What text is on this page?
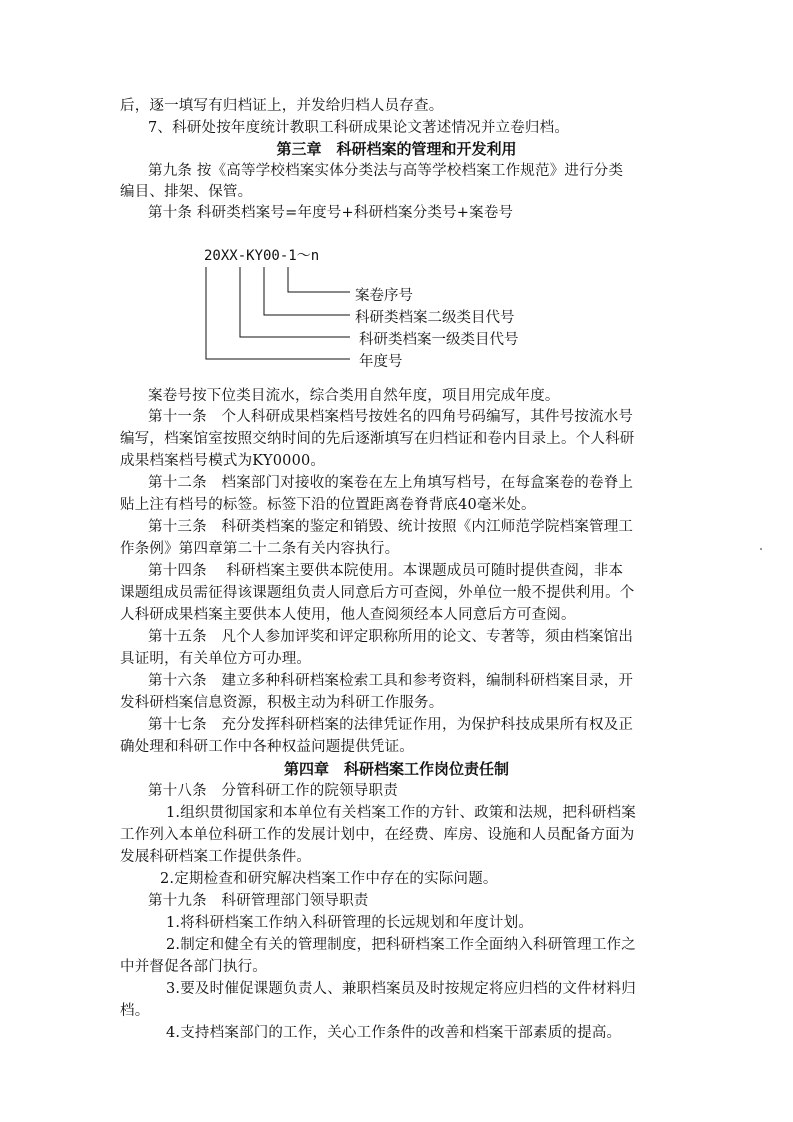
后，逐一填写有归档证上，并发给归档人员存查。

7、科研处按年度统计教职工科研成果论文著述情况并立卷归档。

第三章　科研档案的管理和开发利用

第九条 按《高等学校档案实体分类法与高等学校档案工作规范》进行分类

编目、排架、保管。

第十条 科研类档案号=年度号+科研档案分类号+案卷号

20XX-KY00-1～n
案卷序号
科研类档案二级类目代号
科研类档案一级类目代号
年度号

案卷号按下位类目流水，综合类用自然年度，项目用完成年度。

第十一条　个人科研成果档案档号按姓名的四角号码编写，其件号按流水号

编写，档案馆室按照交纳时间的先后逐渐填写在归档证和卷内目录上。个人科研

成果档案档号模式为KY0000。

第十二条　档案部门对接收的案卷在左上角填写档号，在每盒案卷的卷脊上

贴上注有档号的标签。标签下沿的位置距离卷脊背底40毫米处。

第十三条　科研类档案的鉴定和销毁、统计按照《内江师范学院档案管理工

作条例》第四章第二十二条有关内容执行。

第十四条　 科研档案主要供本院使用。本课题成员可随时提供查阅，非本

课题组成员需征得该课题组负责人同意后方可查阅，外单位一般不提供利用。个

人科研成果档案主要供本人使用，他人查阅须经本人同意后方可查阅。

第十五条　凡个人参加评奖和评定职称所用的论文、专著等，须由档案馆出

具证明，有关单位方可办理。

第十六条　建立多种科研档案检索工具和参考资料，编制科研档案目录，开

发科研档案信息资源，积极主动为科研工作服务。

第十七条　充分发挥科研档案的法律凭证作用，为保护科技成果所有权及正

确处理和科研工作中各种权益问题提供凭证。

第四章　科研档案工作岗位责任制

第十八条　分管科研工作的院领导职责

1.组织贯彻国家和本单位有关档案工作的方针、政策和法规，把科研档案

工作列入本单位科研工作的发展计划中，在经费、库房、设施和人员配备方面为

发展科研档案工作提供条件。

2.定期检查和研究解决档案工作中存在的实际问题。

第十九条　科研管理部门领导职责

1.将科研档案工作纳入科研管理的长远规划和年度计划。

2.制定和健全有关的管理制度，把科研档案工作全面纳入科研管理工作之

中并督促各部门执行。

3.要及时催促课题负责人、兼职档案员及时按规定将应归档的文件材料归

档。

4.支持档案部门的工作，关心工作条件的改善和档案干部素质的提高。
